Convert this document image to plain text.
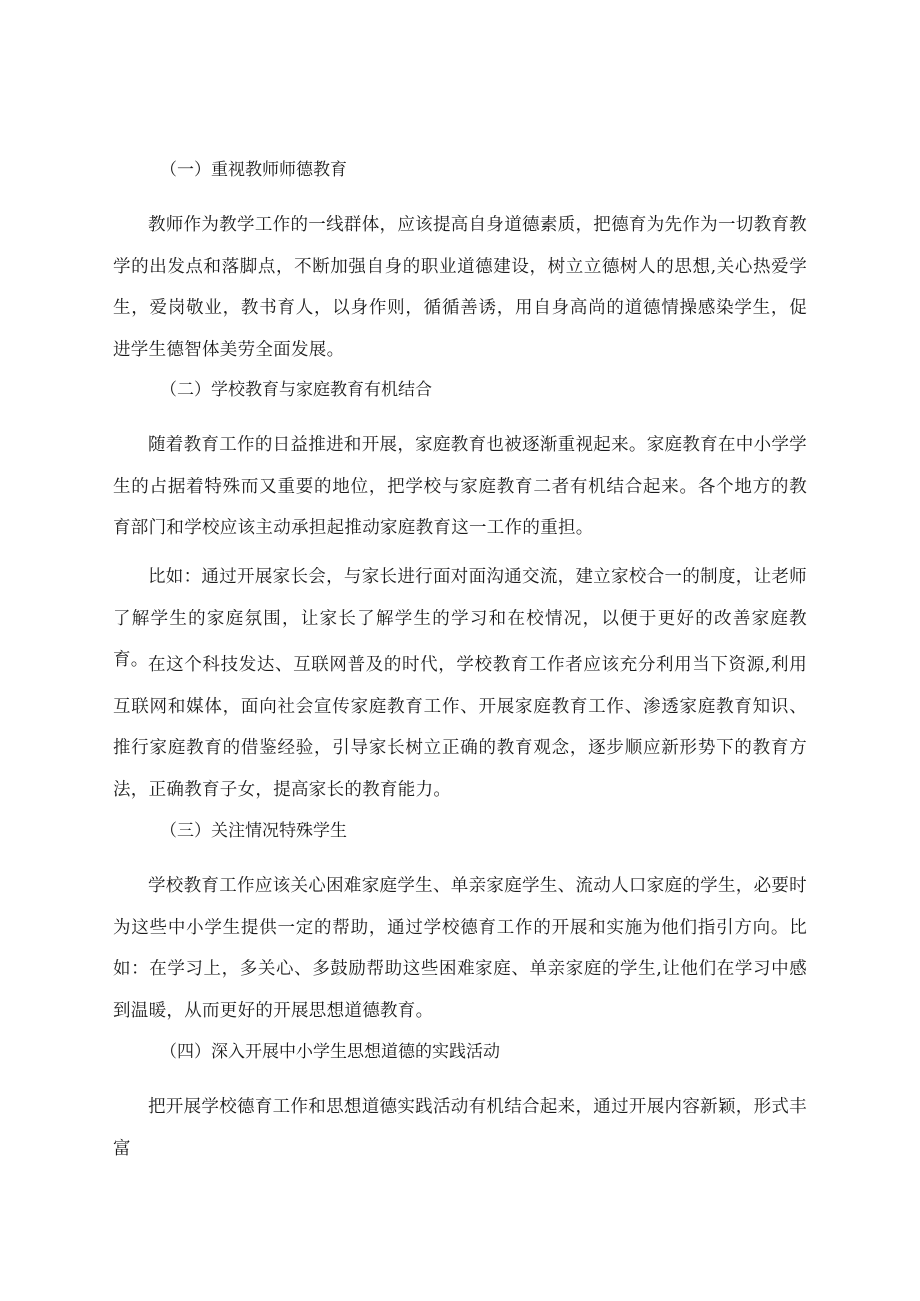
（一）重视教师师德教育

教师作为教学工作的一线群体，应该提高自身道德素质，把德育为先作为一切教育教学的出发点和落脚点，不断加强自身的职业道德建设，树立立德树人的思想,关心热爱学生，爱岗敬业，教书育人，以身作则，循循善诱，用自身高尚的道德情操感染学生，促进学生德智体美劳全面发展。

（二）学校教育与家庭教育有机结合

随着教育工作的日益推进和开展，家庭教育也被逐渐重视起来。家庭教育在中小学学生的占据着特殊而又重要的地位，把学校与家庭教育二者有机结合起来。各个地方的教育部门和学校应该主动承担起推动家庭教育这一工作的重担。

比如：通过开展家长会，与家长进行面对面沟通交流，建立家校合一的制度，让老师了解学生的家庭氛围，让家长了解学生的学习和在校情况，以便于更好的改善家庭教育。 在这个科技发达、互联网普及的时代，学校教育工作者应该充分利用当下资源,利用互联网和媒体，面向社会宣传家庭教育工作、开展家庭教育工作、渗透家庭教育知识、推行家庭教育的借鉴经验，引导家长树立正确的教育观念，逐步顺应新形势下的教育方法，正确教育子女，提高家长的教育能力。

（三）关注情况特殊学生

学校教育工作应该关心困难家庭学生、单亲家庭学生、流动人口家庭的学生，必要时为这些中小学生提供一定的帮助，通过学校德育工作的开展和实施为他们指引方向。比如：在学习上，多关心、多鼓励帮助这些困难家庭、单亲家庭的学生,让他们在学习中感到温暖，从而更好的开展思想道德教育。

（四）深入开展中小学生思想道德的实践活动

把开展学校德育工作和思想道德实践活动有机结合起来，通过开展内容新颖，形式丰富
